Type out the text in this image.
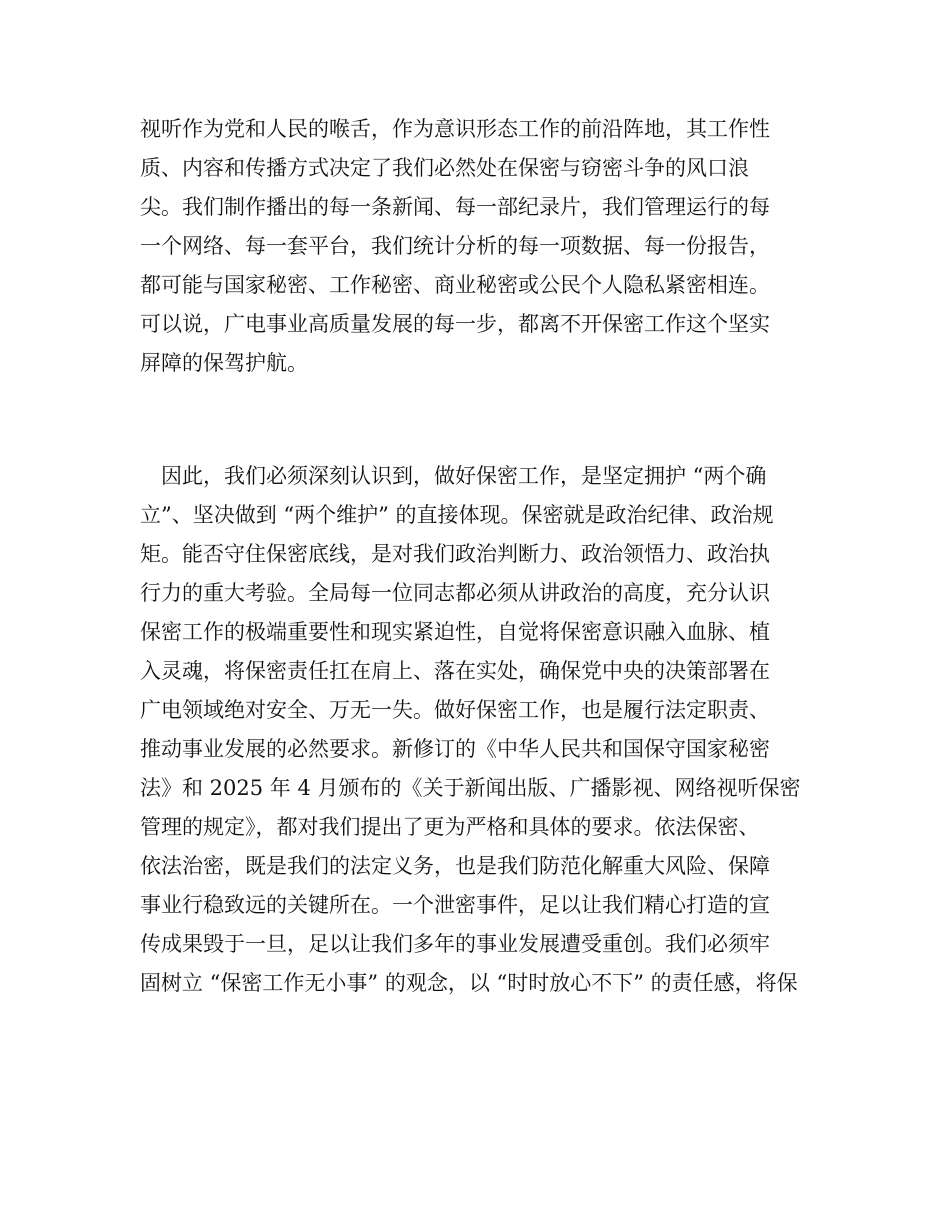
视听作为党和人民的喉舌，作为意识形态工作的前沿阵地，其工作性
质、内容和传播方式决定了我们必然处在保密与窃密斗争的风口浪
尖。我们制作播出的每一条新闻、每一部纪录片，我们管理运行的每
一个网络、每一套平台，我们统计分析的每一项数据、每一份报告，
都可能与国家秘密、工作秘密、商业秘密或公民个人隐私紧密相连。
可以说，广电事业高质量发展的每一步，都离不开保密工作这个坚实
屏障的保驾护航。
　因此，我们必须深刻认识到，做好保密工作，是坚定拥护 “两个确
立”、坚决做到 “两个维护” 的直接体现。保密就是政治纪律、政治规
矩。能否守住保密底线，是对我们政治判断力、政治领悟力、政治执
行力的重大考验。全局每一位同志都必须从讲政治的高度，充分认识
保密工作的极端重要性和现实紧迫性，自觉将保密意识融入血脉、植
入灵魂，将保密责任扛在肩上、落在实处，确保党中央的决策部署在
广电领域绝对安全、万无一失。做好保密工作，也是履行法定职责、
推动事业发展的必然要求。新修订的《中华人民共和国保守国家秘密
法》和 2025 年 4 月颁布的《关于新闻出版、广播影视、网络视听保密
管理的规定》，都对我们提出了更为严格和具体的要求。依法保密、
依法治密，既是我们的法定义务，也是我们防范化解重大风险、保障
事业行稳致远的关键所在。一个泄密事件，足以让我们精心打造的宣
传成果毁于一旦，足以让我们多年的事业发展遭受重创。我们必须牢
固树立 “保密工作无小事” 的观念，以 “时时放心不下” 的责任感，将保
